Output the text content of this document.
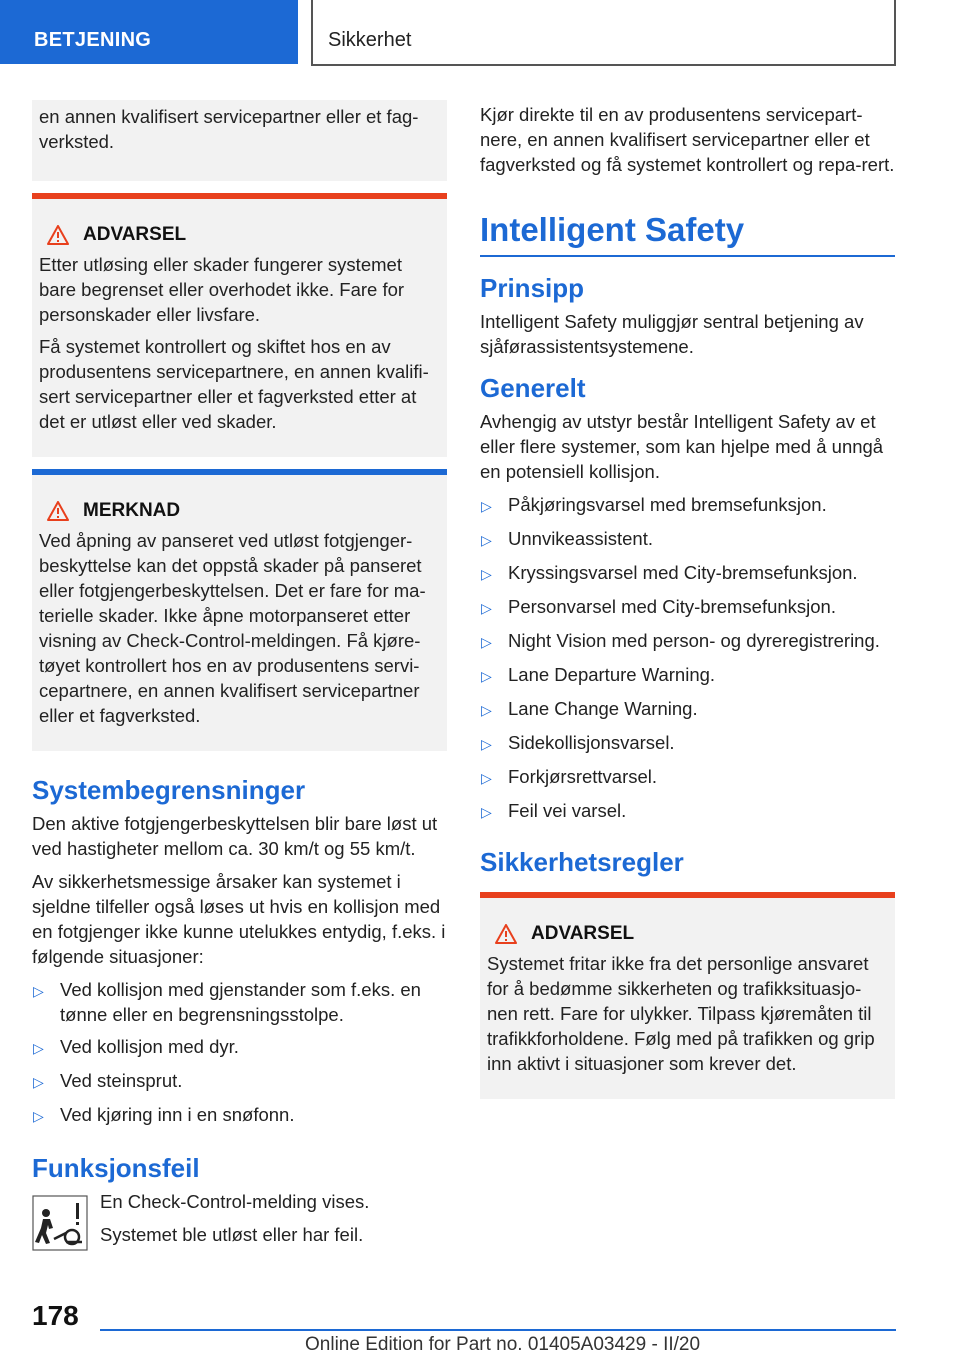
BETJENING	Sikkerhet
en annen kvalifisert servicepartner eller et fag-verksted.
ADVARSEL
Etter utløsing eller skader fungerer systemet bare begrenset eller overhodet ikke. Fare for personskader eller livsfare.
Få systemet kontrollert og skiftet hos en av produsentens servicepartnere, en annen kvalifi-sert servicepartner eller et fagverksted etter at det er utløst eller ved skader.
MERKNAD
Ved åpning av panseret ved utløst fotgjenger-beskyttelse kan det oppstå skader på panseret eller fotgjengerbeskyttelsen. Det er fare for ma-terielle skader. Ikke åpne motorpanseret etter visning av Check-Control-meldingen. Få kjøre-tøyet kontrollert hos en av produsentens servi-cepartnere, en annen kvalifisert servicepartner eller et fagverksted.
Systembegrensninger
Den aktive fotgjengerbeskyttelsen blir bare løst ut ved hastigheter mellom ca. 30 km/t og 55 km/t.
Av sikkerhetsmessige årsaker kan systemet i sjeldne tilfeller også løses ut hvis en kollisjon med en fotgjenger ikke kunne utelukkes entydig, f.eks. i følgende situasjoner:
▷ Ved kollisjon med gjenstander som f.eks. en tønne eller en begrensningsstolpe.
▷ Ved kollisjon med dyr.
▷ Ved steinsprut.
▷ Ved kjøring inn i en snøfonn.
Funksjonsfeil
En Check-Control-melding vises.
Systemet ble utløst eller har feil.
Kjør direkte til en av produsentens servicepart-nere, en annen kvalifisert servicepartner eller et fagverksted og få systemet kontrollert og repa-rert.
Intelligent Safety
Prinsipp
Intelligent Safety muliggjør sentral betjening av sjåførassistentsystemene.
Generelt
Avhengig av utstyr består Intelligent Safety av et eller flere systemer, som kan hjelpe med å unngå en potensiell kollisjon.
▷ Påkjøringsvarsel med bremsefunksjon.
▷ Unnvikeassistent.
▷ Kryssingsvarsel med City-bremsefunksjon.
▷ Personvarsel med City-bremsefunksjon.
▷ Night Vision med person- og dyreregistrering.
▷ Lane Departure Warning.
▷ Lane Change Warning.
▷ Sidekollisjonsvarsel.
▷ Forkjørsrettvarsel.
▷ Feil vei varsel.
Sikkerhetsregler
ADVARSEL
Systemet fritar ikke fra det personlige ansvaret for å bedømme sikkerheten og trafikksituasjo-nen rett. Fare for ulykker. Tilpass kjøremåten til trafikkforholdene. Følg med på trafikken og grip inn aktivt i situasjoner som krever det.
178
Online Edition for Part no. 01405A03429 - II/20
